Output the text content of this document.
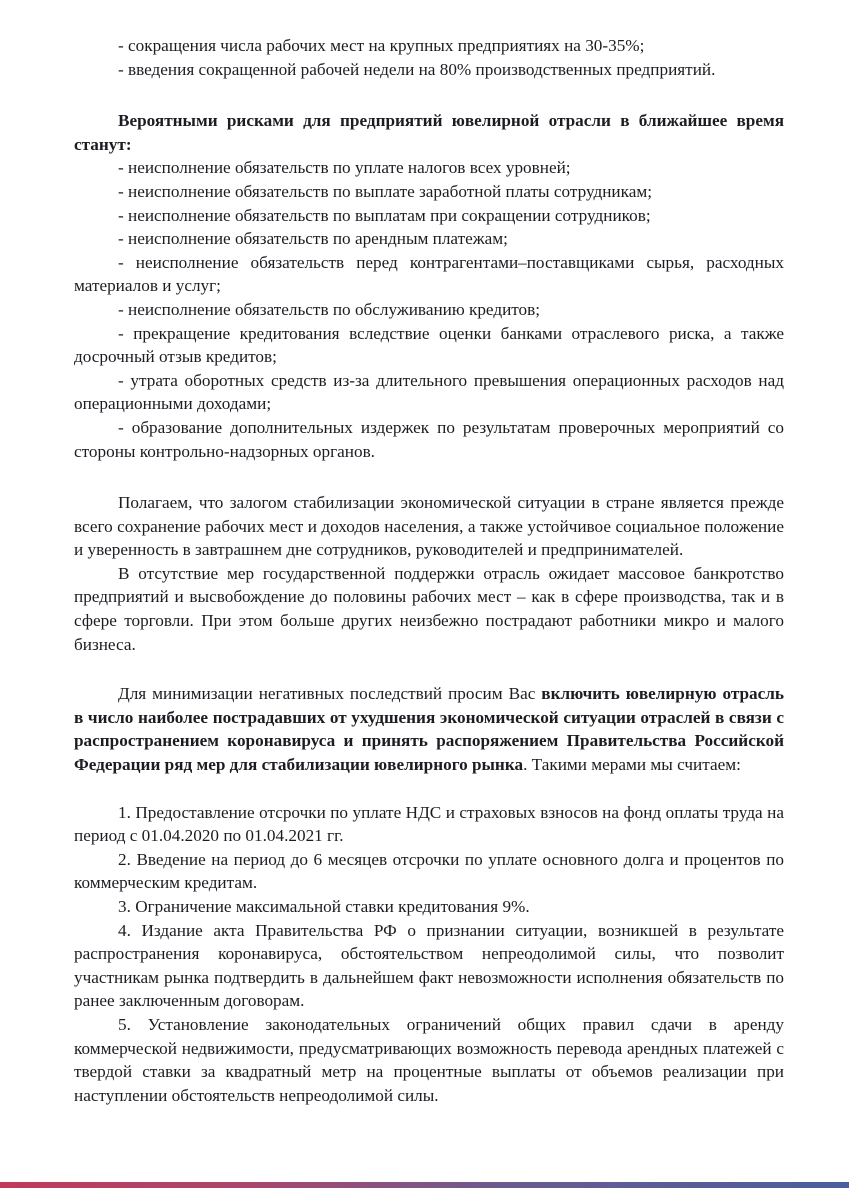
- сокращения числа рабочих мест на крупных предприятиях на 30-35%;

- введения сокращенной рабочей недели на 80% производственных предприятий.

Вероятными рисками для предприятий ювелирной отрасли в ближайшее время станут:

- неисполнение обязательств по уплате налогов всех уровней;

- неисполнение обязательств по выплате заработной платы сотрудникам;

- неисполнение обязательств по выплатам при сокращении сотрудников;

- неисполнение обязательств по арендным платежам;

- неисполнение обязательств перед контрагентами–поставщиками сырья, расходных материалов и услуг;

- неисполнение обязательств по обслуживанию кредитов;

- прекращение кредитования вследствие оценки банками отраслевого риска, а также досрочный отзыв кредитов;

- утрата оборотных средств из-за длительного превышения операционных расходов над операционными доходами;

- образование дополнительных издержек по результатам проверочных мероприятий со стороны контрольно-надзорных органов.

Полагаем, что залогом стабилизации экономической ситуации в стране является прежде всего сохранение рабочих мест и доходов населения, а также устойчивое социальное положение и уверенность в завтрашнем дне сотрудников, руководителей и предпринимателей.

В отсутствие мер государственной поддержки отрасль ожидает массовое банкротство предприятий и высвобождение до половины рабочих мест – как в сфере производства, так и в сфере торговли. При этом больше других неизбежно пострадают работники микро и малого бизнеса.

Для минимизации негативных последствий просим Вас включить ювелирную отрасль в число наиболее пострадавших от ухудшения экономической ситуации отраслей в связи с распространением коронавируса и принять распоряжением Правительства Российской Федерации ряд мер для стабилизации ювелирного рынка. Такими мерами мы считаем:

1. Предоставление отсрочки по уплате НДС и страховых взносов на фонд оплаты труда на период с 01.04.2020 по 01.04.2021 гг.

2. Введение на период до 6 месяцев отсрочки по уплате основного долга и процентов по коммерческим кредитам.

3. Ограничение максимальной ставки кредитования 9%.

4. Издание акта Правительства РФ о признании ситуации, возникшей в результате распространения коронавируса, обстоятельством непреодолимой силы, что позволит участникам рынка подтвердить в дальнейшем факт невозможности исполнения обязательств по ранее заключенным договорам.

5. Установление законодательных ограничений общих правил сдачи в аренду коммерческой недвижимости, предусматривающих возможность перевода арендных платежей с твердой ставки за квадратный метр на процентные выплаты от объемов реализации при наступлении обстоятельств непреодолимой силы.
